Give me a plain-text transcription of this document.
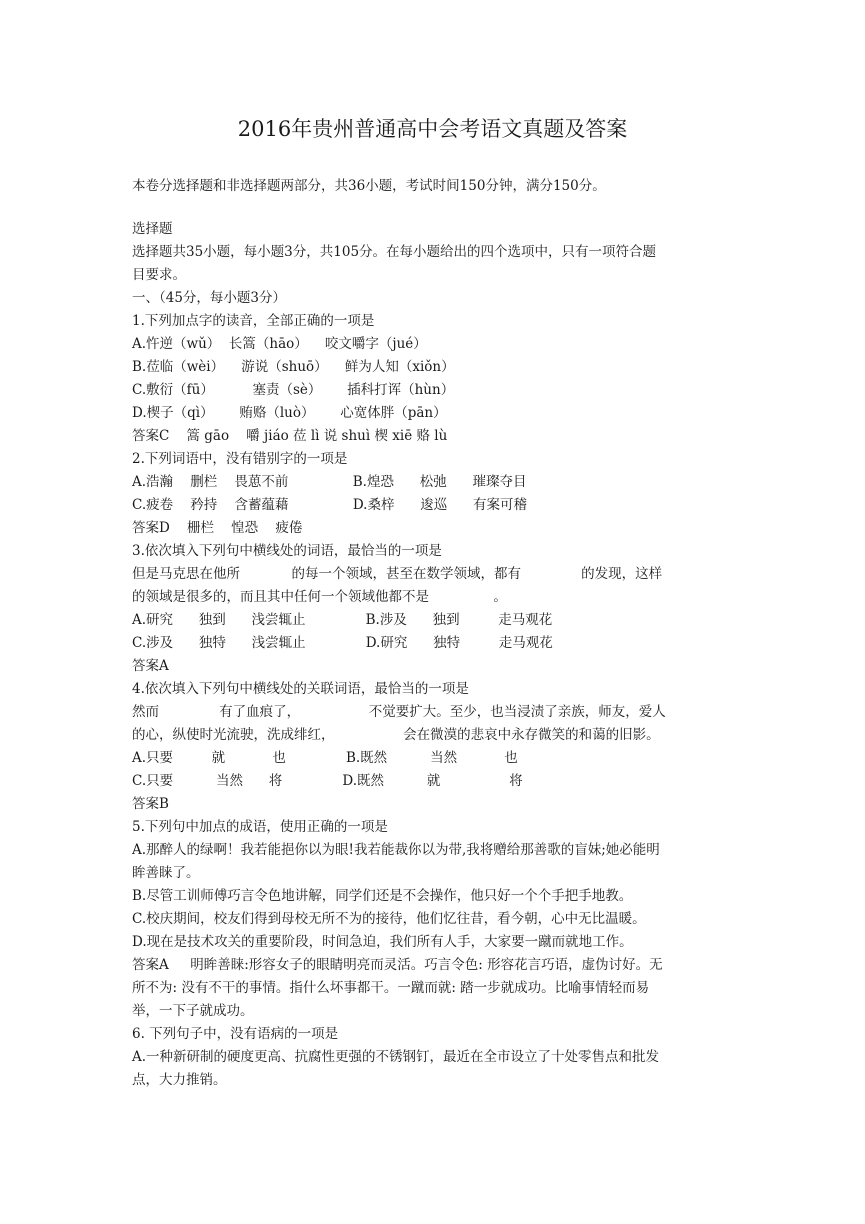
2016年贵州普通高中会考语文真题及答案
本卷分选择题和非选择题两部分，共36小题，考试时间150分钟，满分150分。
选择题
选择题共35小题，每小题3分，共105分。在每小题给出的四个选项中，只有一项符合题
目要求。
一、（45分，每小题3分）
1.下列加点字的读音，全部正确的一项是
A.忤逆（wǔ）  长篙（hāo）    咬文嚼字（jué）
B.莅临（wèi）    游说（shuō）    鲜为人知（xiǒn）
C.敷衍（fū）         塞责（sè）      插科打诨（hùn）
D.楔子（qì）      贿赂（luò）      心宽体胖（pān）
答案C    篙 gāo    嚼 jiáo 莅 lì 说 shuì 楔 xiē 赂 lù
2.下列词语中，没有错别字的一项是
A.浩瀚    删栏    畏葸不前               B.煌恐      松弛      璀璨夺目
C.疲卷    矜持    含蓄蕴藉               D.桑梓      逡巡      有案可稽
答案D    栅栏    惶恐    疲倦
3.依次填入下列句中横线处的词语，最恰当的一项是
但是马克思在他所            的每一个领域，甚至在数学领域，都有              的发现，这样
的领域是很多的，而且其中任何一个领域他都不是               。
A.研究      独到      浅尝辄止              B.涉及      独到         走马观花
C.涉及      独特      浅尝辄止              D.研究      独特         走马观花
答案A
4.依次填入下列句中横线处的关联词语，最恰当的一项是
然而              有了血痕了，                不觉要扩大。至少，也当浸渍了亲族，师友，爱人
的心，纵使时光流驶，洗成绯红，                会在微漠的悲哀中永存微笑的和蔼的旧影。
A.只要         就           也              B.既然          当然           也
C.只要          当然      将              D.既然          就                将
答案B
5.下列句中加点的成语，使用正确的一项是
A.那醉人的绿啊！我若能挹你以为眼!我若能裁你以为带,我将赠给那善歌的盲妹;她必能明
眸善睐了。
B.尽管工训师傅巧言令色地讲解，同学们还是不会操作，他只好一个个手把手地教。
C.校庆期间，校友们得到母校无所不为的接待，他们忆往昔，看今朝，心中无比温暖。
D.现在是技术攻关的重要阶段，时间急迫，我们所有人手，大家要一蹴而就地工作。
答案A     明眸善睐:形容女子的眼睛明亮而灵活。巧言令色: 形容花言巧语，虚伪讨好。无
所不为: 没有不干的事情。指什么坏事都干。一蹴而就: 踏一步就成功。比喻事情轻而易
举，一下子就成功。
6. 下列句子中，没有语病的一项是
A.一种新研制的硬度更高、抗腐性更强的不锈钢钉，最近在全市设立了十处零售点和批发
点，大力推销。
